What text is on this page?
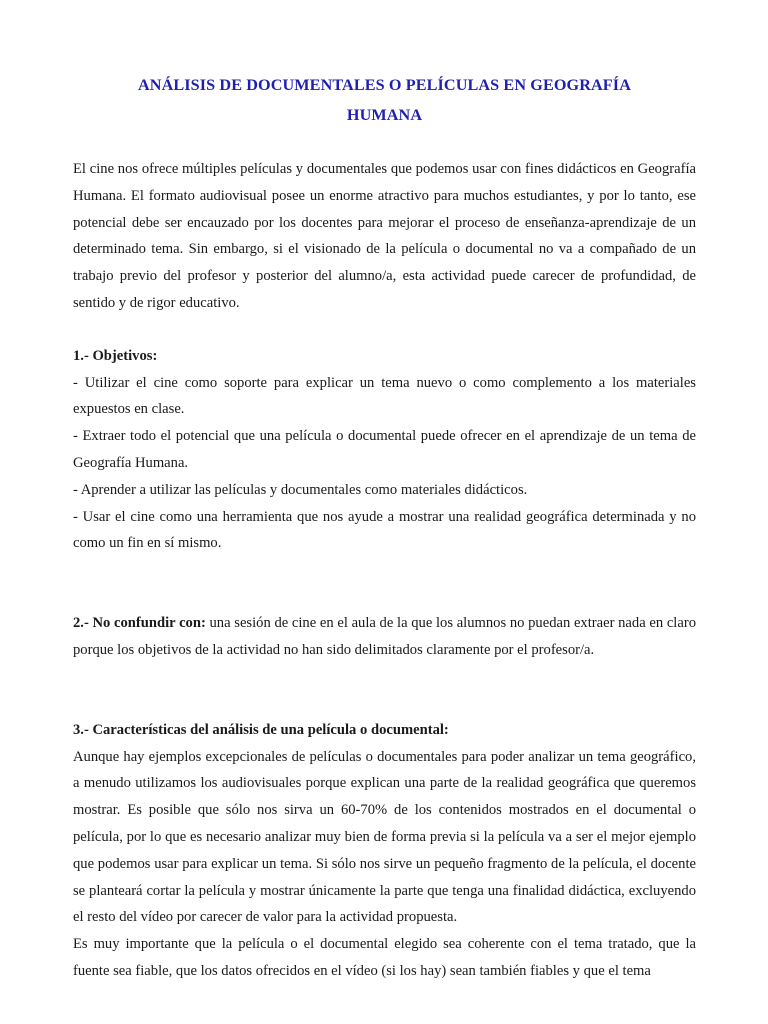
ANÁLISIS DE DOCUMENTALES O PELÍCULAS EN GEOGRAFÍA
HUMANA

El cine nos ofrece múltiples películas y documentales que podemos usar con fines didácticos en Geografía Humana. El formato audiovisual posee un enorme atractivo para muchos estudiantes, y por lo tanto, ese potencial debe ser encauzado por los docentes para mejorar el proceso de enseñanza-aprendizaje de un determinado tema. Sin embargo, si el visionado de la película o documental no va a compañado de un trabajo previo del profesor y posterior del alumno/a, esta actividad puede carecer de profundidad, de sentido y de rigor educativo.

1.- Objetivos:

- Utilizar el cine como soporte para explicar un tema nuevo o como complemento a los materiales expuestos en clase.

- Extraer todo el potencial que una película o documental puede ofrecer en el aprendizaje de un tema de Geografía Humana.

- Aprender a utilizar las películas y documentales como materiales didácticos.

- Usar el cine como una herramienta que nos ayude a mostrar una realidad geográfica determinada y no como un fin en sí mismo.

2.- No confundir con: una sesión de cine en el aula de la que los alumnos no puedan extraer nada en claro porque los objetivos de la actividad no han sido delimitados claramente por el profesor/a.

3.- Características del análisis de una película o documental:

Aunque hay ejemplos excepcionales de películas o documentales para poder analizar un tema geográfico, a menudo utilizamos los audiovisuales porque explican una parte de la realidad geográfica que queremos mostrar. Es posible que sólo nos sirva un 60-70% de los contenidos mostrados en el documental o película, por lo que es necesario analizar muy bien de forma previa si la película va a ser el mejor ejemplo que podemos usar para explicar un tema. Si sólo nos sirve un pequeño fragmento de la película, el docente se planteará cortar la película y mostrar únicamente la parte que tenga una finalidad didáctica, excluyendo el resto del vídeo por carecer de valor para la actividad propuesta.

Es muy importante que la película o el documental elegido sea coherente con el tema tratado, que la fuente sea fiable, que los datos ofrecidos en el vídeo (si los hay) sean también fiables y que el tema
